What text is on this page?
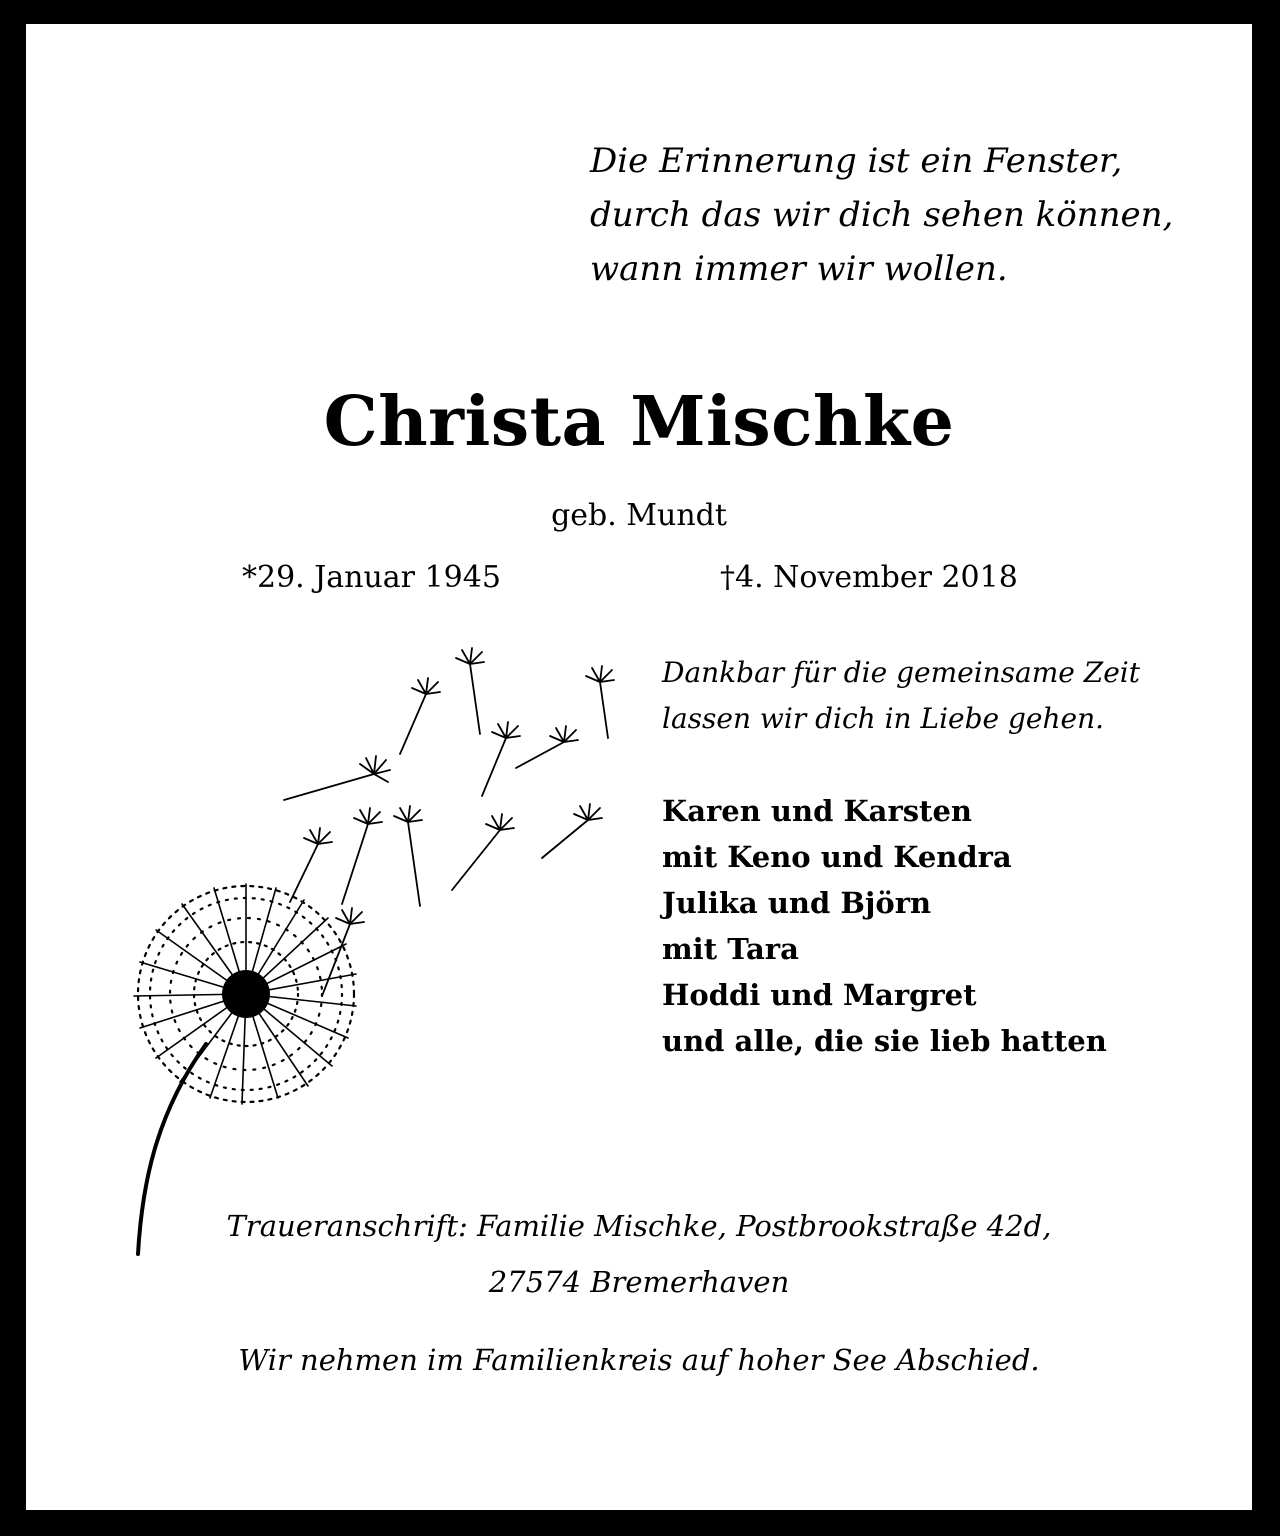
Die Erinnerung ist ein Fenster,
durch das wir dich sehen können,
wann immer wir wollen.
Christa Mischke
geb. Mundt
*29. Januar 1945	†4. November 2018
Dankbar für die gemeinsame Zeit
lassen wir dich in Liebe gehen.
Karen und Karsten
mit Keno und Kendra
Julika und Björn
mit Tara
Hoddi und Margret
und alle, die sie lieb hatten
Traueranschrift: Familie Mischke, Postbrookstraße 42d,
27574 Bremerhaven
Wir nehmen im Familienkreis auf hoher See Abschied.
